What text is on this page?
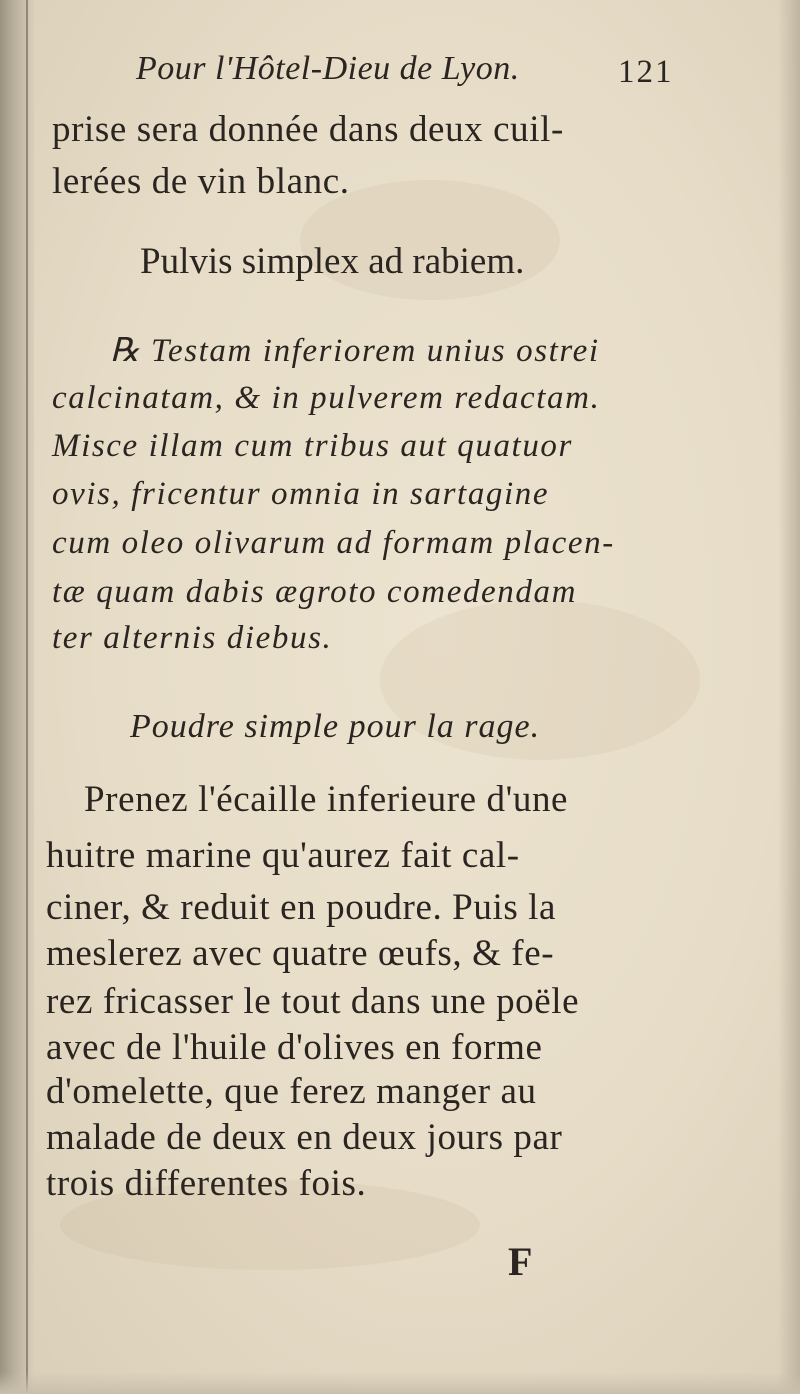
Pour l'Hôtel-Dieu de Lyon.	121
prise sera donnée dans deux cuil-
lerées de vin blanc.
Pulvis simplex ad rabiem.
℞ Testam inferiorem unius ostrei
calcinatam, & in pulverem redactam.
Misce illam cum tribus aut quatuor
ovis, fricentur omnia in sartagine
cum oleo olivarum ad formam placen-
tæ quam dabis ægroto comedendam
ter alternis diebus.
Poudre simple pour la rage.
Prenez l'écaille inferieure d'une
huitre marine qu'aurez fait cal-
ciner, & reduit en poudre. Puis la
meslerez avec quatre œufs, & fe-
rez fricasser le tout dans une poële
avec de l'huile d'olives en forme
d'omelette, que ferez manger au
malade de deux en deux jours par
trois differentes fois.
F
